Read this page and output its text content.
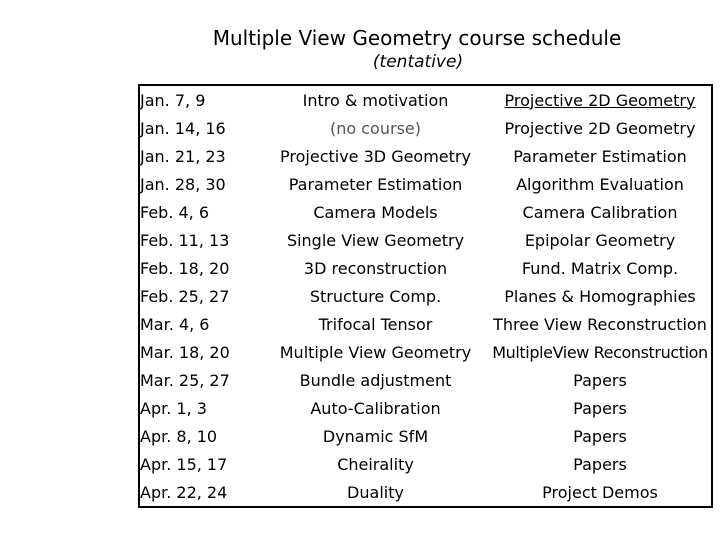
Multiple View Geometry course schedule
(tentative)
Jan. 7, 9	Intro & motivation	Projective 2D Geometry
Jan. 14, 16	(no course)	Projective 2D Geometry
Jan. 21, 23	Projective 3D Geometry	Parameter Estimation
Jan. 28, 30	Parameter Estimation	Algorithm Evaluation
Feb. 4, 6	Camera Models	Camera Calibration
Feb. 11, 13	Single View Geometry	Epipolar Geometry
Feb. 18, 20	3D reconstruction	Fund. Matrix Comp.
Feb. 25, 27	Structure Comp.	Planes & Homographies
Mar. 4, 6	Trifocal Tensor	Three View Reconstruction
Mar. 18, 20	Multiple View Geometry	MultipleView Reconstruction
Mar. 25, 27	Bundle adjustment	Papers
Apr. 1, 3	Auto-Calibration	Papers
Apr. 8, 10	Dynamic SfM	Papers
Apr. 15, 17	Cheirality	Papers
Apr. 22, 24	Duality	Project Demos
